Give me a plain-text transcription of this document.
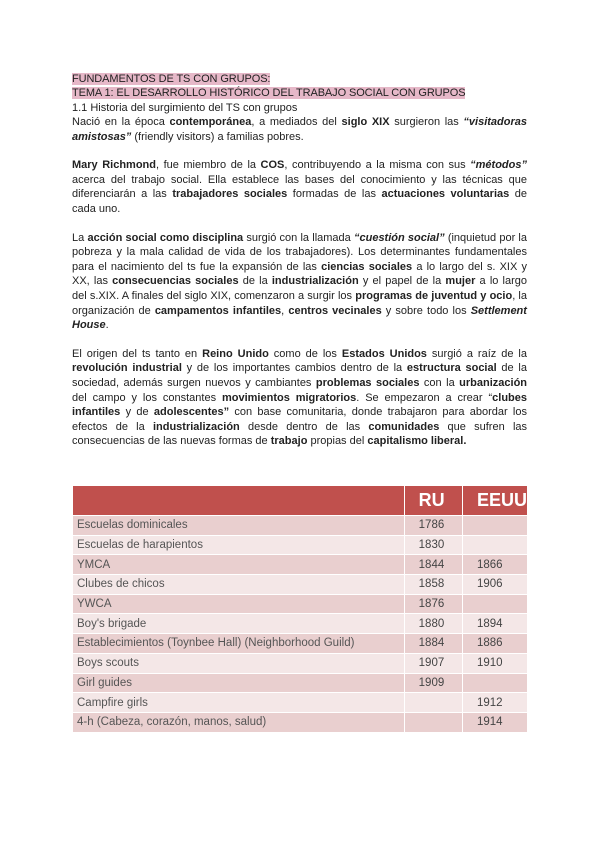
FUNDAMENTOS DE TS CON GRUPOS:
TEMA 1: EL DESARROLLO HISTÓRICO DEL TRABAJO SOCIAL CON GRUPOS
1.1 Historia del surgimiento del TS con grupos

Nació en la época contemporánea, a mediados del siglo XIX surgieron las “visitadoras amistosas” (friendly visitors) a familias pobres.

Mary Richmond, fue miembro de la COS, contribuyendo a la misma con sus “métodos” acerca del trabajo social. Ella establece las bases del conocimiento y las técnicas que diferenciarán a las trabajadores sociales formadas de las actuaciones voluntarias de cada uno.

La acción social como disciplina surgió con la llamada “cuestión social” (inquietud por la pobreza y la mala calidad de vida de los trabajadores). Los determinantes fundamentales para el nacimiento del ts fue la expansión de las ciencias sociales a lo largo del s. XIX y XX, las consecuencias sociales de la industrialización y el papel de la mujer a lo largo del s.XIX. A finales del siglo XIX, comenzaron a surgir los programas de juventud y ocio, la organización de campamentos infantiles, centros vecinales y sobre todo los Settlement House.

El origen del ts tanto en Reino Unido como de los Estados Unidos surgió a raíz de la revolución industrial y de los importantes cambios dentro de la estructura social de la sociedad, además surgen nuevos y cambiantes problemas sociales con la urbanización del campo y los constantes movimientos migratorios. Se empezaron a crear “clubes infantiles y de adolescentes” con base comunitaria, donde trabajaron para abordar los efectos de la industrialización desde dentro de las comunidades que sufren las consecuencias de las nuevas formas de trabajo propias del capitalismo liberal.

	RU	EEUU
Escuelas dominicales	1786	
Escuelas de harapientos	1830	
YMCA	1844	1866
Clubes de chicos	1858	1906
YWCA	1876	
Boy's brigade	1880	1894
Establecimientos (Toynbee Hall) (Neighborhood Guild)	1884	1886
Boys scouts	1907	1910
Girl guides	1909	
Campfire girls		1912
4-h (Cabeza, corazón, manos, salud)		1914
